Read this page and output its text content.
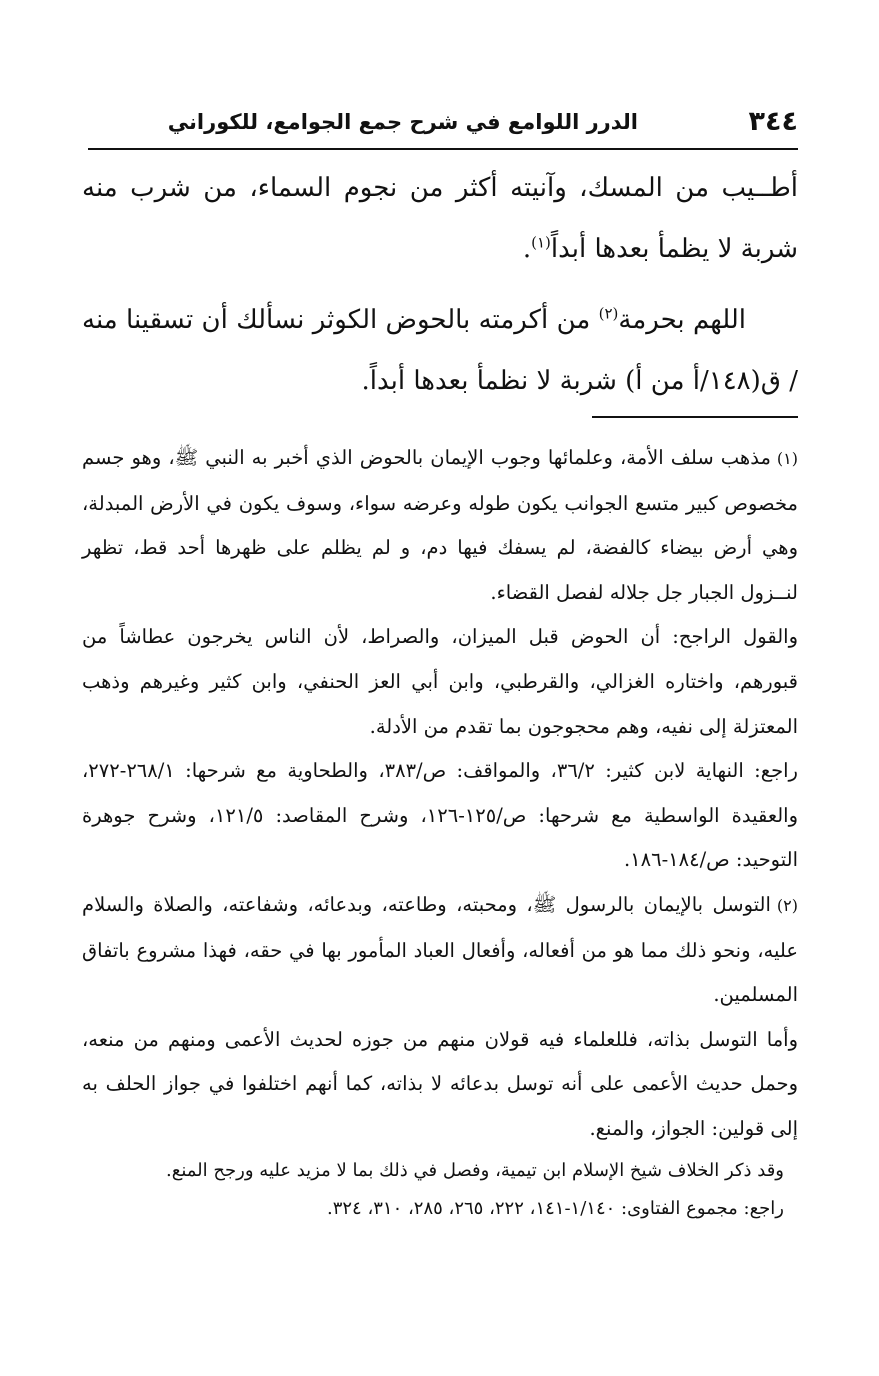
٣٤٤
الدرر اللوامع في شرح جمع الجوامع، للكوراني

أطــيب من المسك، وآنيته أكثر من نجوم السماء، من شرب منه شربة لا يظمأ بعدها أبداً$^{(١)}$.

اللهم بحرمة$^{(٢)}$ من أكرمته بالحوض الكوثر نسألك أن تسقينا منه / ق(١٤٨/أ من أ) شربة لا نظمأ بعدها أبداً.

(١)مذهب سلف الأمة، وعلمائها وجوب الإيمان بالحوض الذي أخبر به النبي ﷺ، وهو جسم مخصوص كبير متسع الجوانب يكون طوله وعرضه سواء، وسوف يكون في الأرض المبدلة، وهي أرض بيضاء كالفضة، لم يسفك فيها دم، و لم يظلم على ظهرها أحد قط، تظهر لنــزول الجبار جل جلاله لفصل القضاء.

والقول الراجح: أن الحوض قبل الميزان، والصراط، لأن الناس يخرجون عطاشاً من قبورهم، واختاره الغزالي، والقرطبي، وابن أبي العز الحنفي، وابن كثير وغيرهم وذهب المعتزلة إلى نفيه، وهم محجوجون بما تقدم من الأدلة.

راجع: النهاية لابن كثير: ٣٦/٢، والمواقف: ص/٣٨٣، والطحاوية مع شرحها: ٢٦٨/١-٢٧٢، والعقيدة الواسطية مع شرحها: ص/١٢٥-١٢٦، وشرح المقاصد: ١٢١/٥، وشرح جوهرة التوحيد: ص/١٨٤-١٨٦.

(٢)التوسل بالإيمان بالرسول ﷺ، ومحبته، وطاعته، وبدعائه، وشفاعته، والصلاة والسلام عليه، ونحو ذلك مما هو من أفعاله، وأفعال العباد المأمور بها في حقه، فهذا مشروع باتفاق المسلمين.

وأما التوسل بذاته، فللعلماء فيه قولان منهم من جوزه لحديث الأعمى ومنهم من منعه، وحمل حديث الأعمى على أنه توسل بدعائه لا بذاته، كما أنهم اختلفوا في جواز الحلف به إلى قولين: الجواز، والمنع.

وقد ذكر الخلاف شيخ الإسلام ابن تيمية، وفصل في ذلك بما لا مزيد عليه ورجح المنع.

راجع: مجموع الفتاوى: ١/١٤٠-١٤١، ٢٢٢، ٢٦٥، ٢٨٥، ٣١٠، ٣٢٤.
